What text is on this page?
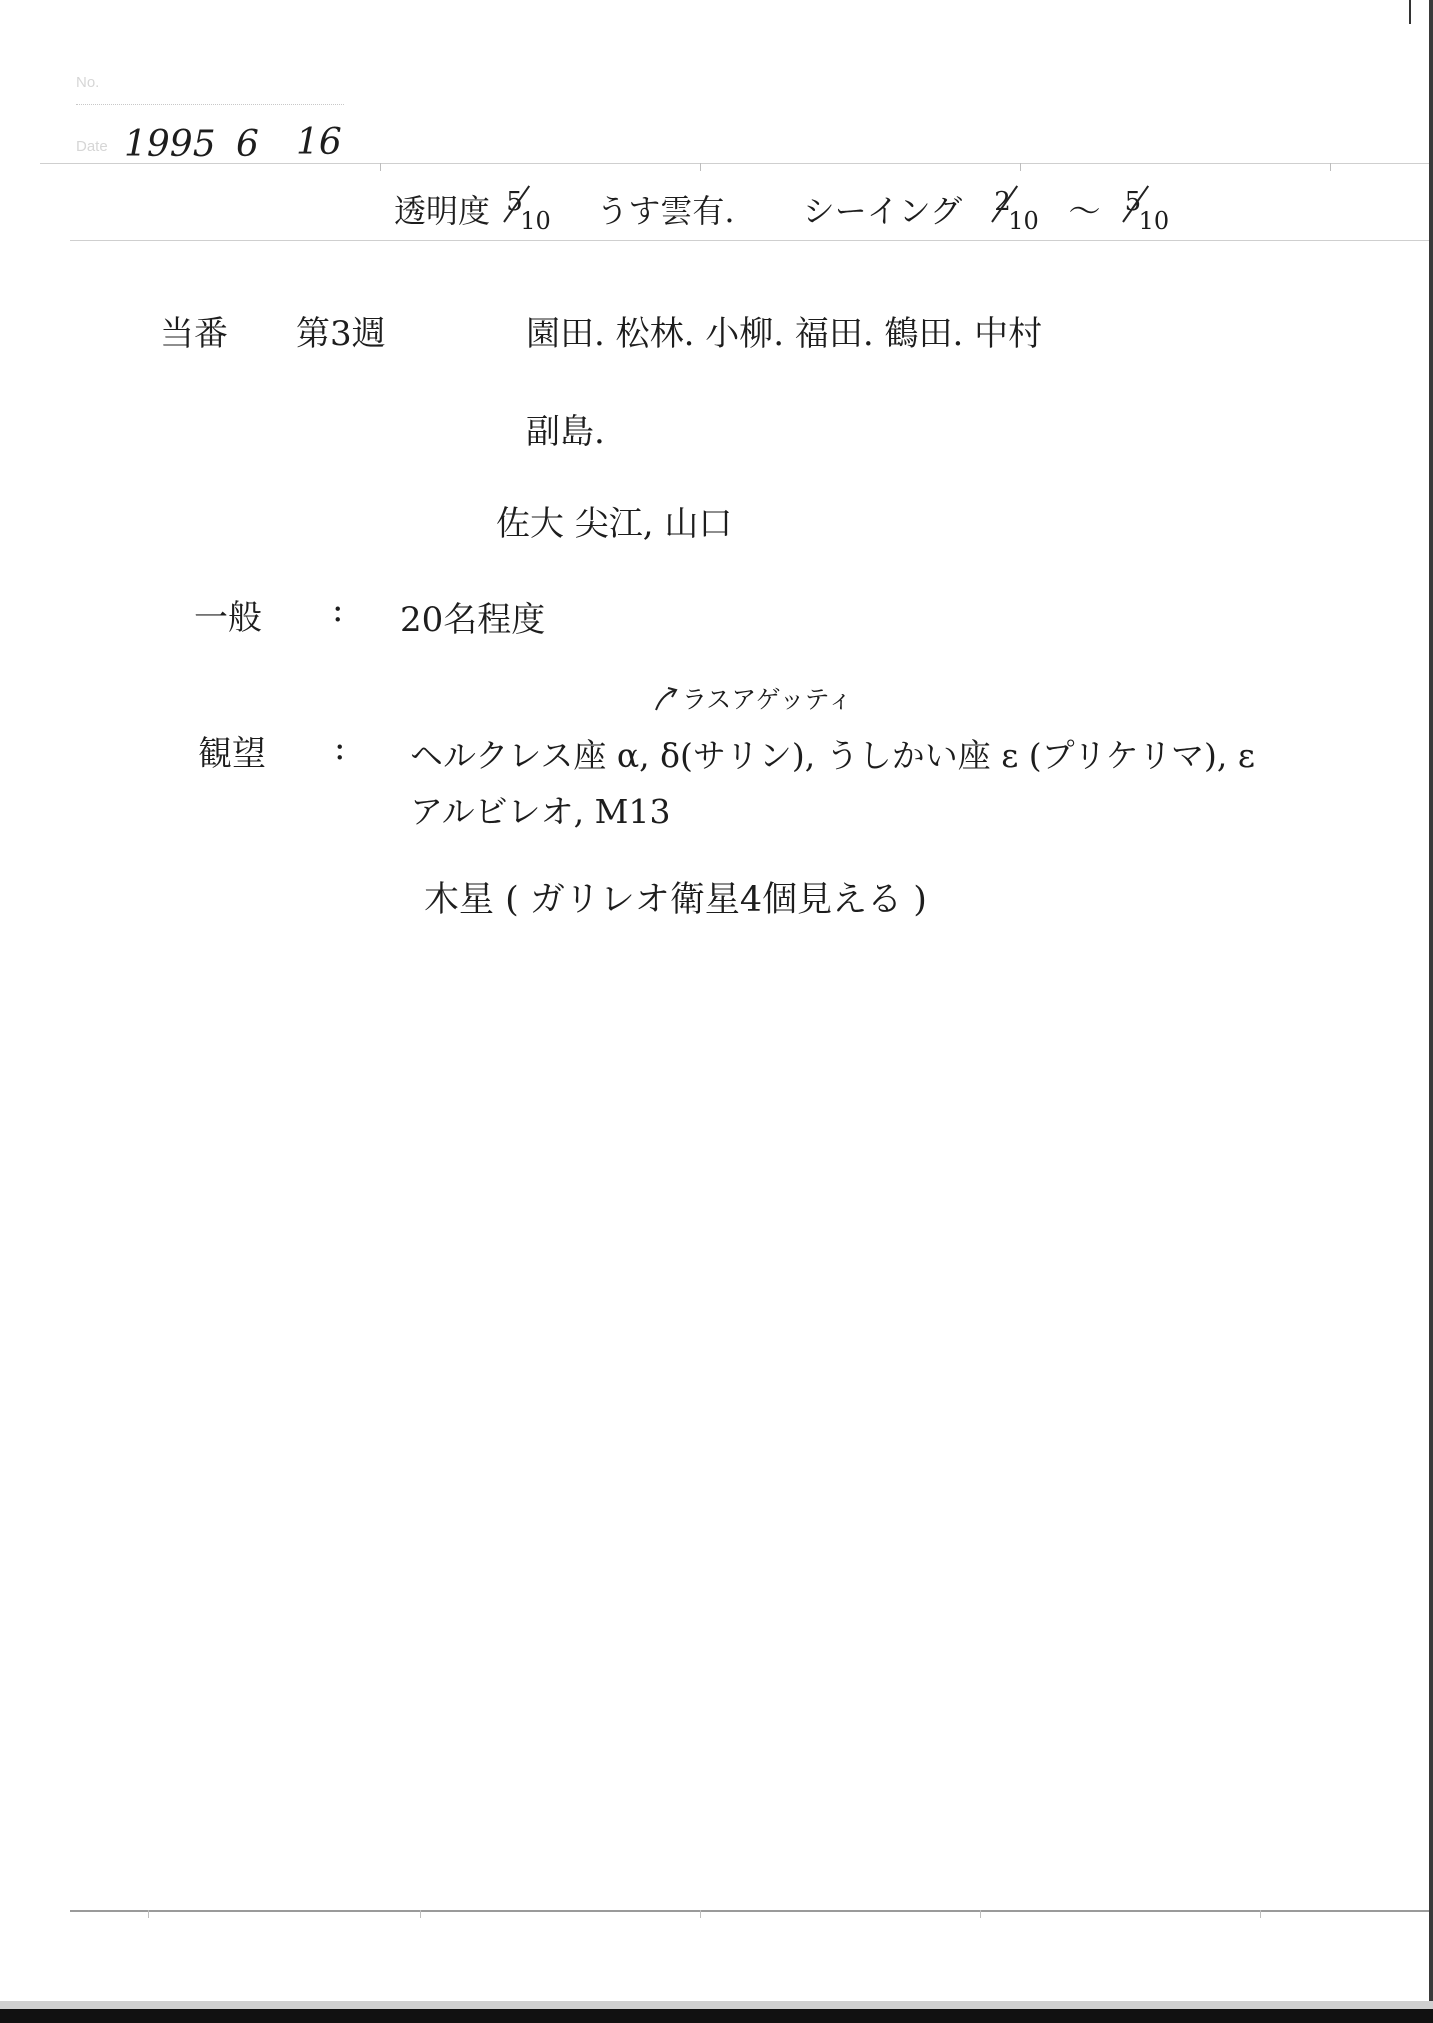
No.
Date 1995 6 16
透明度 5
10 うす雲有. シーイング 2
10 〜 5
10
当番 第3週	園田. 松林. 小柳. 福田. 鶴田. 中村
副島.
佐大 尖江, 山口
一般 : 20名程度
観望 :
ラスアゲッティ
ヘルクレス座 α, δ(サリン), うしかい座 ε (プリケリマ), ε
アルビレオ, M13
木星 ( ガリレオ衛星4個見える )
